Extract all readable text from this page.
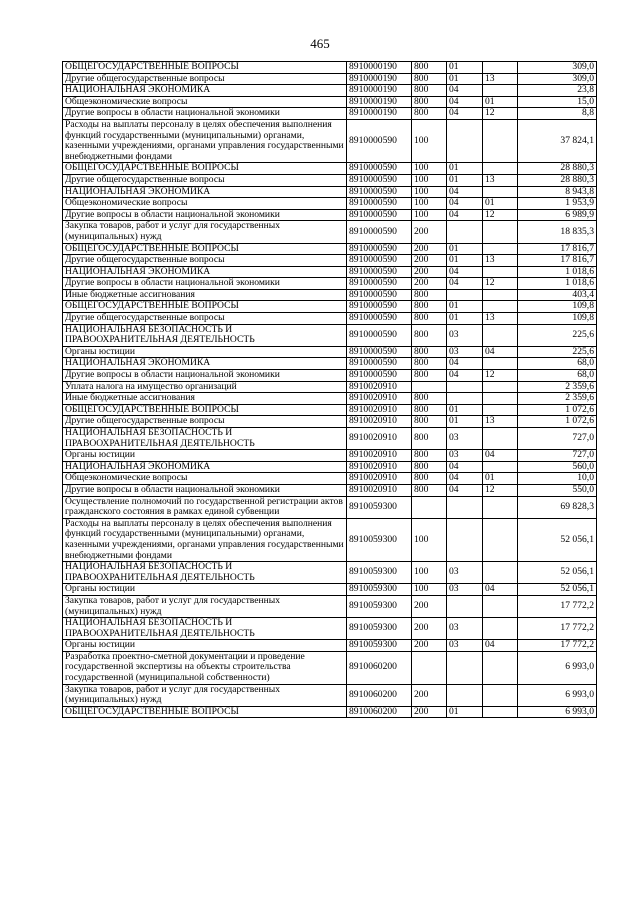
465
ОБЩЕГОСУДАРСТВЕННЫЕ ВОПРОСЫ	8910000190	800	01		309,0
Другие общегосударственные вопросы	8910000190	800	01	13	309,0
НАЦИОНАЛЬНАЯ ЭКОНОМИКА	8910000190	800	04		23,8
Общеэкономические вопросы	8910000190	800	04	01	15,0
Другие вопросы в области национальной экономики	8910000190	800	04	12	8,8
Расходы на выплаты персоналу в целях обеспечения выполнения функций государственными (муниципальными) органами, казенными учреждениями, органами управления государственными внебюджетными фондами	8910000590	100			37 824,1
ОБЩЕГОСУДАРСТВЕННЫЕ ВОПРОСЫ	8910000590	100	01		28 880,3
Другие общегосударственные вопросы	8910000590	100	01	13	28 880,3
НАЦИОНАЛЬНАЯ ЭКОНОМИКА	8910000590	100	04		8 943,8
Общеэкономические вопросы	8910000590	100	04	01	1 953,9
Другие вопросы в области национальной экономики	8910000590	100	04	12	6 989,9
Закупка товаров, работ и услуг для государственных (муниципальных) нужд	8910000590	200			18 835,3
ОБЩЕГОСУДАРСТВЕННЫЕ ВОПРОСЫ	8910000590	200	01		17 816,7
Другие общегосударственные вопросы	8910000590	200	01	13	17 816,7
НАЦИОНАЛЬНАЯ ЭКОНОМИКА	8910000590	200	04		1 018,6
Другие вопросы в области национальной экономики	8910000590	200	04	12	1 018,6
Иные бюджетные ассигнования	8910000590	800			403,4
ОБЩЕГОСУДАРСТВЕННЫЕ ВОПРОСЫ	8910000590	800	01		109,8
Другие общегосударственные вопросы	8910000590	800	01	13	109,8
НАЦИОНАЛЬНАЯ БЕЗОПАСНОСТЬ И ПРАВООХРАНИТЕЛЬНАЯ ДЕЯТЕЛЬНОСТЬ	8910000590	800	03		225,6
Органы юстиции	8910000590	800	03	04	225,6
НАЦИОНАЛЬНАЯ ЭКОНОМИКА	8910000590	800	04		68,0
Другие вопросы в области национальной экономики	8910000590	800	04	12	68,0
Уплата налога на имущество организаций	8910020910				2 359,6
Иные бюджетные ассигнования	8910020910	800			2 359,6
ОБЩЕГОСУДАРСТВЕННЫЕ ВОПРОСЫ	8910020910	800	01		1 072,6
Другие общегосударственные вопросы	8910020910	800	01	13	1 072,6
НАЦИОНАЛЬНАЯ БЕЗОПАСНОСТЬ И ПРАВООХРАНИТЕЛЬНАЯ ДЕЯТЕЛЬНОСТЬ	8910020910	800	03		727,0
Органы юстиции	8910020910	800	03	04	727,0
НАЦИОНАЛЬНАЯ ЭКОНОМИКА	8910020910	800	04		560,0
Общеэкономические вопросы	8910020910	800	04	01	10,0
Другие вопросы в области национальной экономики	8910020910	800	04	12	550,0
Осуществление полномочий по государственной регистрации актов гражданского состояния в рамках единой субвенции	8910059300				69 828,3
Расходы на выплаты персоналу в целях обеспечения выполнения функций государственными (муниципальными) органами, казенными учреждениями, органами управления государственными внебюджетными фондами	8910059300	100			52 056,1
НАЦИОНАЛЬНАЯ БЕЗОПАСНОСТЬ И ПРАВООХРАНИТЕЛЬНАЯ ДЕЯТЕЛЬНОСТЬ	8910059300	100	03		52 056,1
Органы юстиции	8910059300	100	03	04	52 056,1
Закупка товаров, работ и услуг для государственных (муниципальных) нужд	8910059300	200			17 772,2
НАЦИОНАЛЬНАЯ БЕЗОПАСНОСТЬ И ПРАВООХРАНИТЕЛЬНАЯ ДЕЯТЕЛЬНОСТЬ	8910059300	200	03		17 772,2
Органы юстиции	8910059300	200	03	04	17 772,2
Разработка проектно-сметной документации и проведение государственной экспертизы на объекты строительства государственной (муниципальной собственности)	8910060200				6 993,0
Закупка товаров, работ и услуг для государственных (муниципальных) нужд	8910060200	200			6 993,0
ОБЩЕГОСУДАРСТВЕННЫЕ ВОПРОСЫ	8910060200	200	01		6 993,0
